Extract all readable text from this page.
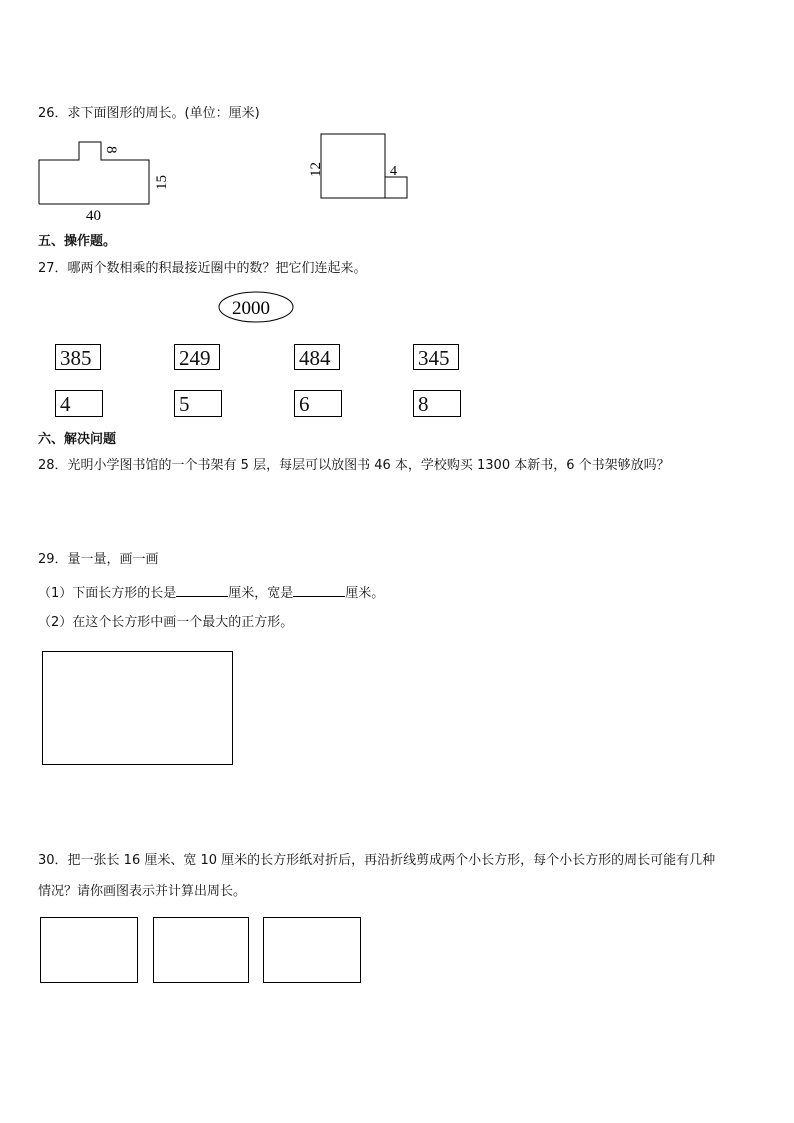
26．求下面图形的周长。(单位：厘米)
8
15
40
12	4
五、操作题。
27．哪两个数相乘的积最接近圈中的数？把它们连起来。
2000
385	249	484	345
4	5	6	8
六、解决问题
28．光明小学图书馆的一个书架有 5 层，每层可以放图书 46 本，学校购买 1300 本新书，6 个书架够放吗？
29．量一量，画一画
（1）下面长方形的长是	厘米，宽是	厘米。
（2）在这个长方形中画一个最大的正方形。
30．把一张长 16 厘米、宽 10 厘米的长方形纸对折后，再沿折线剪成两个小长方形，每个小长方形的周长可能有几种
情况？请你画图表示并计算出周长。
